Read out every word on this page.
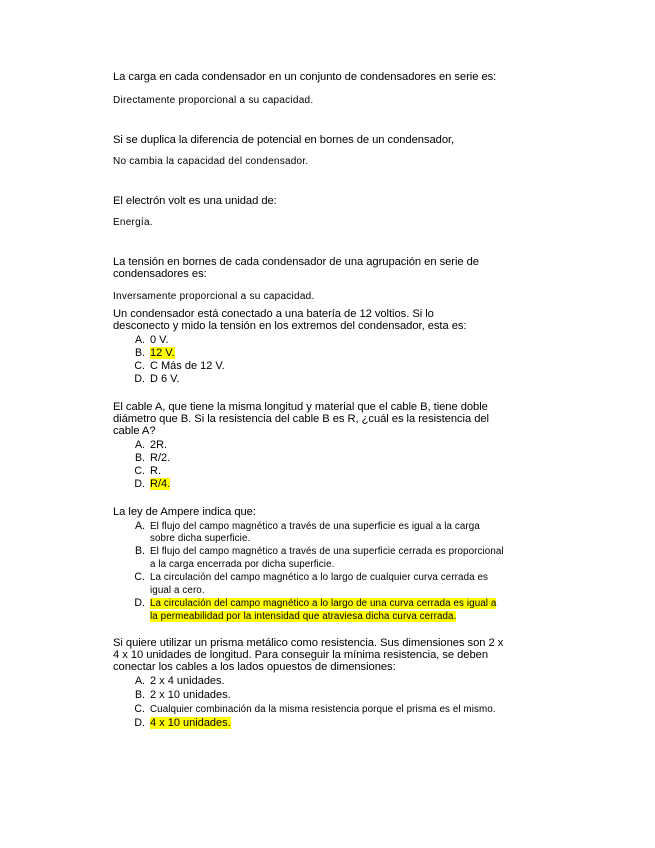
La carga en cada condensador en un conjunto de condensadores en serie es:
Directamente proporcional a su capacidad.
Si se duplica la diferencia de potencial en bornes de un condensador,
No cambia la capacidad del condensador.
El electrón volt es una unidad de:
Energía.
La tensión en bornes de cada condensador de una agrupación en serie de
condensadores es:
Inversamente proporcional a su capacidad.
Un condensador está conectado a una batería de 12 voltios. Si lo
desconecto y mido la tensión en los extremos del condensador, esta es:
A. 0 V.
B. 12 V.
C. C Más de 12 V.
D. D 6 V.
El cable A, que tiene la misma longitud y material que el cable B, tiene doble
diámetro que B. Si la resistencia del cable B es R, ¿cuál es la resistencia del
cable A?
A. 2R.
B. R/2.
C. R.
D. R/4.
La ley de Ampere indica que:
A. El flujo del campo magnético a través de una superficie es igual a la carga
sobre dicha superficie.
B. El flujo del campo magnético a través de una superficie cerrada es proporcional
a la carga encerrada por dicha superficie.
C. La circulación del campo magnético a lo largo de cualquier curva cerrada es
igual a cero.
D. La circulación del campo magnético a lo largo de una curva cerrada es igual a
la permeabilidad por la intensidad que atraviesa dicha curva cerrada.
Si quiere utilizar un prisma metálico como resistencia. Sus dimensiones son 2 x
4 x 10 unidades de longitud. Para conseguir la mínima resistencia, se deben
conectar los cables a los lados opuestos de dimensiones:
A. 2 x 4 unidades.
B. 2 x 10 unidades.
C. Cualquier combinación da la misma resistencia porque el prisma es el mismo.
D. 4 x 10 unidades.
